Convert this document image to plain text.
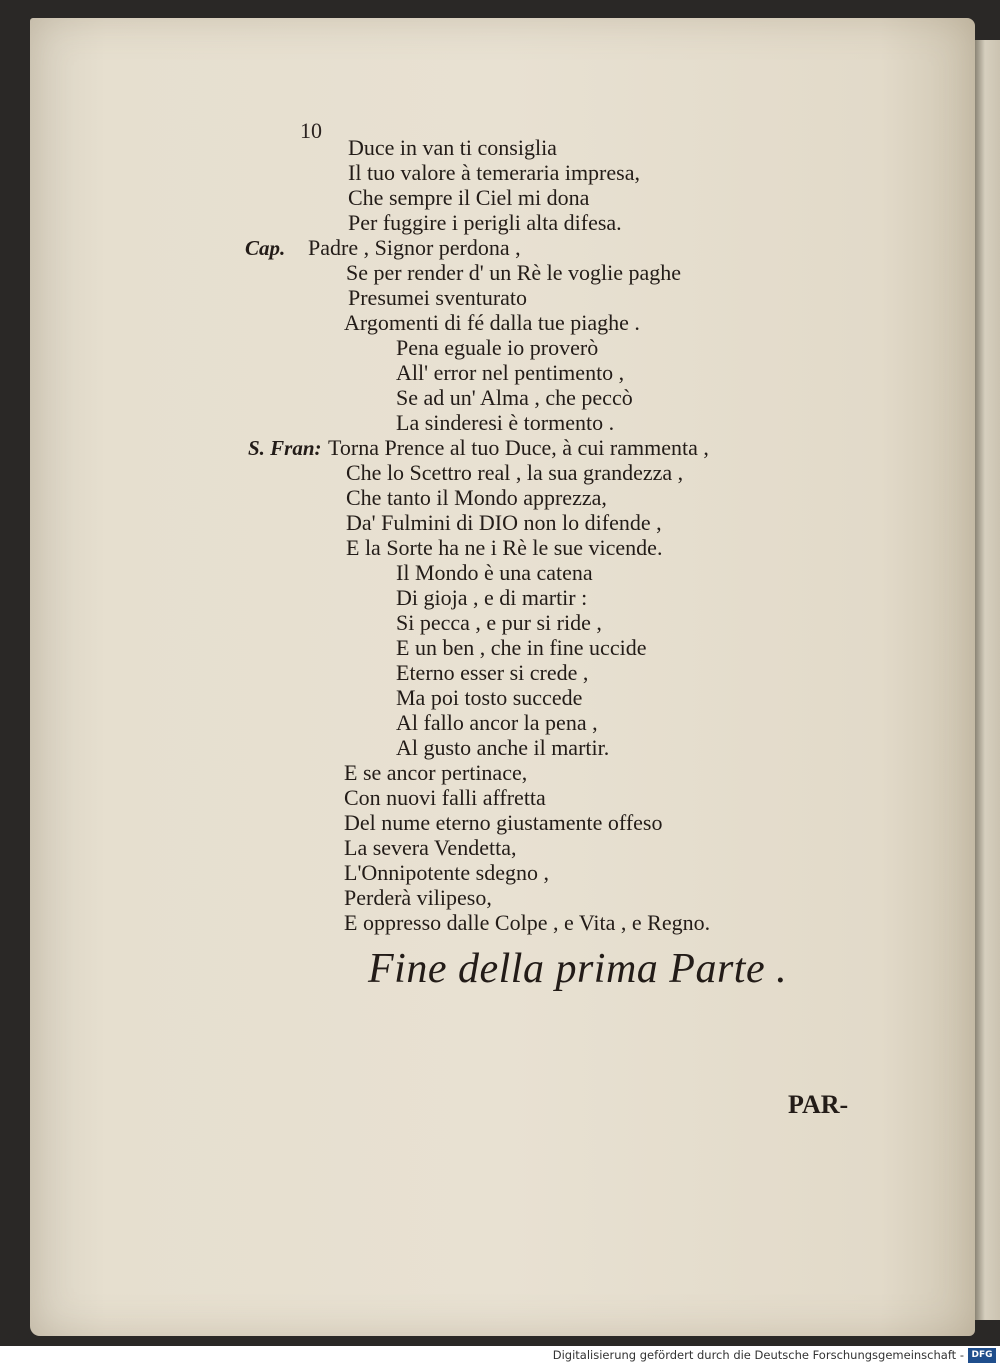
10
Duce in van ti consiglia
Il tuo valore à temeraria impresa,
Che sempre il Ciel mi dona
Per fuggire i perigli alta difesa.
Cap. Padre , Signor perdona ,
Se per render d' un Rè le voglie paghe
Presumei sventurato
Argomenti di fé dalla tue piaghe .
Pena eguale io proverò
All' error nel pentimento ,
Se ad un' Alma , che peccò
La sinderesi è tormento .
S. Fran: Torna Prence al tuo Duce, à cui rammenta ,
Che lo Scettro real , la sua grandezza ,
Che tanto il Mondo apprezza,
Da' Fulmini di DIO non lo difende ,
E la Sorte ha ne i Rè le sue vicende.
Il Mondo è una catena
Di gioja , e di martir :
Si pecca , e pur si ride ,
E un ben , che in fine uccide
Eterno esser si crede ,
Ma poi tosto succede
Al fallo ancor la pena ,
Al gusto anche il martir.
E se ancor pertinace,
Con nuovi falli affretta
Del nume eterno giustamente offeso
La severa Vendetta,
L'Onnipotente sdegno ,
Perderà vilipeso,
E oppresso dalle Colpe , e Vita , e Regno.
Fine della prima Parte .
PAR-
Digitalisierung gefördert durch die Deutsche Forschungsgemeinschaft - DFG
